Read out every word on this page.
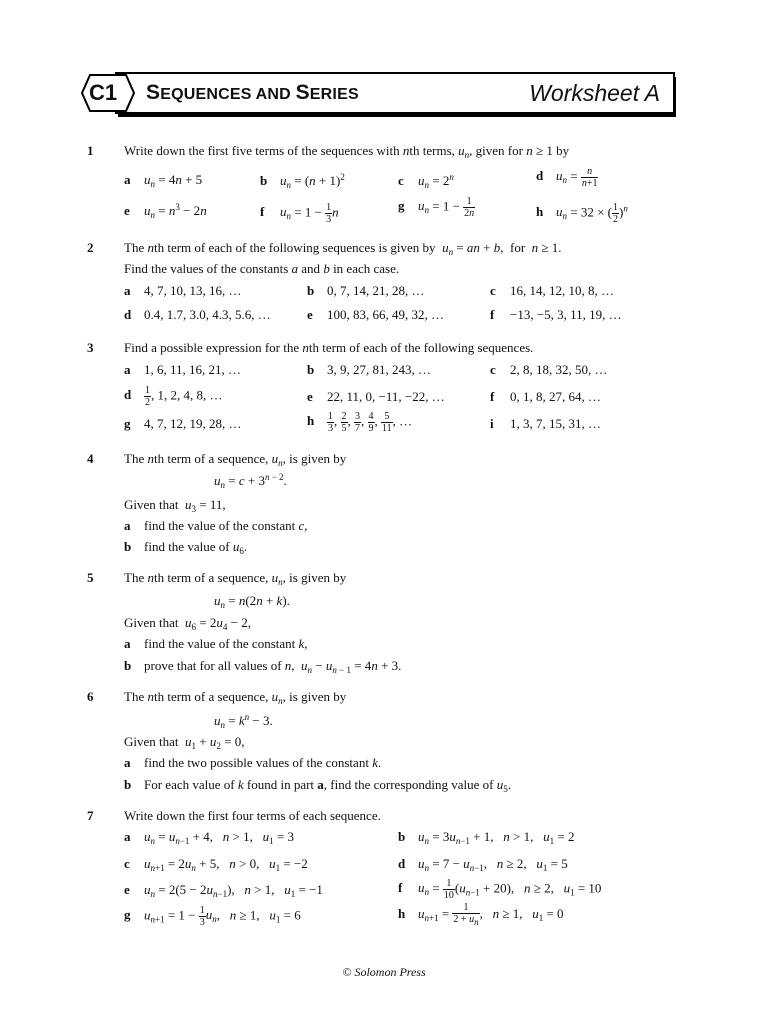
C1	SEQUENCES AND SERIES	Worksheet A
1 Write down the first five terms of the sequences with nth terms, $u_n$, given for n ≥ 1 by
a $u_n = 4n + 5$	b $u_n = (n + 1)^2$	c $u_n = 2^n$	d $u_n = \frac{n}{n+1}$
e $u_n = n^3 - 2n$	f $u_n = 1 - \frac{1}{3}$ n	g $u_n = 1 - \frac{1}{2n}$	h $u_n = 32$ × ( $\frac{1}{2} )^n$
2 The nth term of each of the following sequences is given by  $u_n$ = an + b,  for  n ≥ 1.
Find the values of the constants a and b in each case.
a 4, 7, 10, 13, 16, …	b 0, 7, 14, 21, 28, …	c 16, 14, 12, 10, 8, …
d 0.4, 1.7, 3.0, 4.3, 5.6, …	e 100, 83, 66, 49, 32, …	f −13, −5, 3, 11, 19, …
3 Find a possible expression for the nth term of each of the following sequences.
a 1, 6, 11, 16, 21, …	b 3, 9, 27, 81, 243, …	c 2, 8, 18, 32, 50, …
d $\frac{1}{2}$ , 1, 2, 4, 8, …	e 22, 11, 0, −11, −22, …	f 0, 1, 8, 27, 64, …
g 4, 7, 12, 19, 28, …	h $\frac{1}{3}$ , $\frac{2}{5}$ , $\frac{3}{7}$ , $\frac{4}{9}$ , $\frac{5}{11}$ , …	i 1, 3, 7, 15, 31, …
4 The nth term of a sequence, $u_n$, is given by
$u_n = c + 3^{n - 2}$.
Given that  $u_3 = 11$,
a find the value of the constant c,
b find the value of $u_6$.
5 The nth term of a sequence, $u_n$, is given by
$u_n = n(2n + k)$.
Given that  $u_6 = 2u_4 - 2$,
a find the value of the constant k,
b prove that for all values of n,  $u_n - u_n$ $_{- 1}$ = 4n + 3.
6 The nth term of a sequence, $u_n$, is given by
$u_n = k^n - 3$.
Given that  $u_1 + u_2 = 0$,
a find the two possible values of the constant k.
b For each value of k found in part a, find the corresponding value of $u_5$.
7 Write down the first four terms of each sequence.
a $u_n = u_{n-1} + 4$,   n > 1,   $u_1 = 3$	b $u_n = 3u_{n-1} + 1$,   n > 1,   $u_1 = 2$
c $u_{n+1} = 2u_n + 5$,   n > 0,   $u_1 = -2$	d $u_n = 7 - u_{n-1}$,   n ≥ 2,   $u_1 = 5$
e $u_n = 2(5 - 2u_{n-1})$,   n > 1,   $u_1 = -1$	f $u_n = \frac{1}{10} (u_{n-1} + 20)$,   n ≥ 2,   $u_1 = 10$
g $u_{n+1} = 1 - \frac{1}{3} u_n$,   n ≥ 1,   $u_1 = 6$	h $u_{n+1} = \frac{1}{2 + u_n}$ ,   n ≥ 1,   $u_1 = 0$
© Solomon Press
